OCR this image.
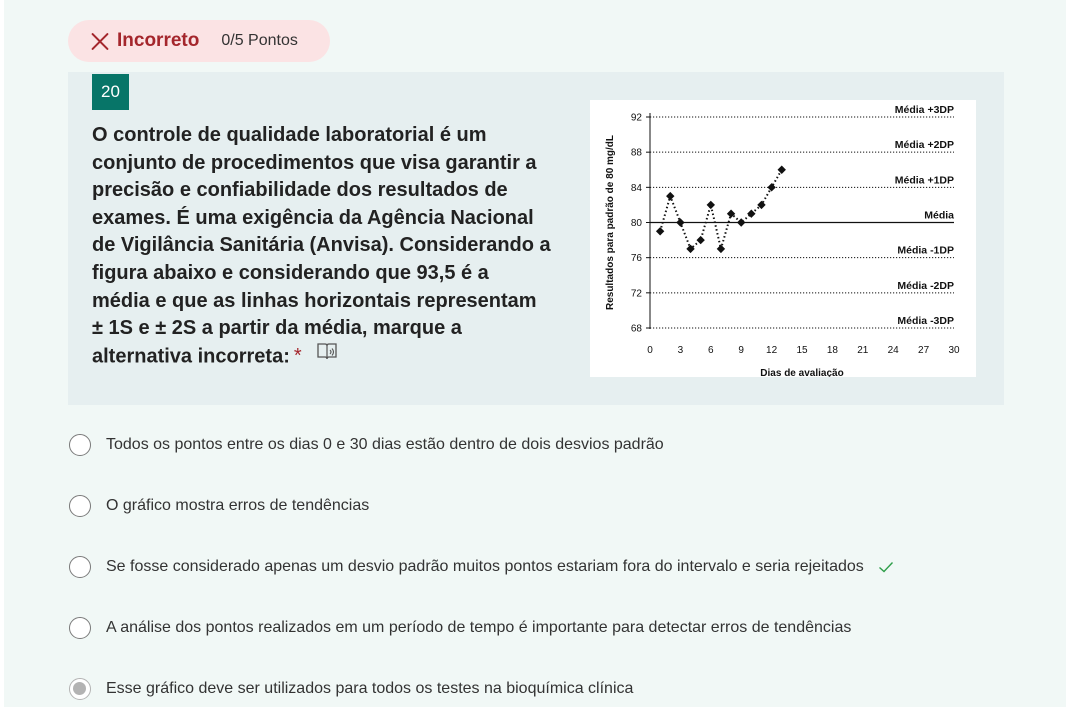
Incorreto 0/5 Pontos
20

O controle de qualidade laboratorial é um conjunto de procedimentos que visa garantir a precisão e confiabilidade dos resultados de exames. É uma exigência da Agência Nacional de Vigilância Sanitária (Anvisa). Considerando a figura abaixo e considerando que 93,5 é a média e que as linhas horizontais representam ± 1S e ± 2S a partir da média, marque a alternativa incorreta: *

Média +3DP
Média +2DP
Média +1DP
Média
Média -1DP
Média -2DP
Média -3DP
68
72
76
80
84
88
92
0 3 6 9 12 15 18 21 24 27 30
Dias de avaliação
Resultados para padrão de 80 mg/dL
Todos os pontos entre os dias 0 e 30 dias estão dentro de dois desvios padrão
O gráfico mostra erros de tendências
Se fosse considerado apenas um desvio padrão muitos pontos estariam fora do intervalo e seria rejeitados
A análise dos pontos realizados em um período de tempo é importante para detectar erros de tendências
Esse gráfico deve ser utilizados para todos os testes na bioquímica clínica
